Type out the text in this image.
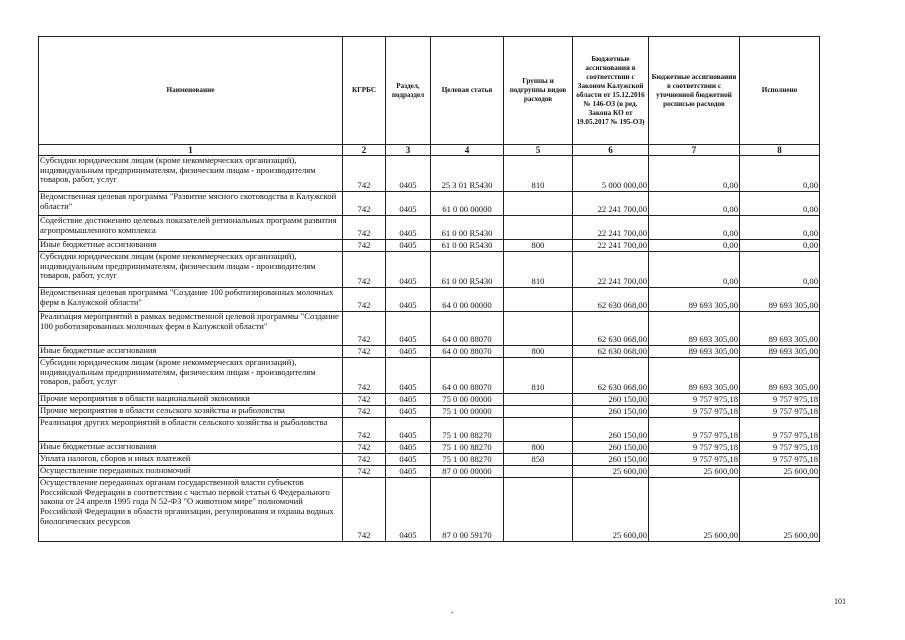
Наименование	КГРБС	Раздел, подраздел	Целевая статья	Группы и подгруппы видов расходов	Бюджетные ассигнования в соответствии с Законом Калужской области от 15.12.2016 № 146-ОЗ (в ред. Закона КО от 19.05.2017 № 195-ОЗ)	Бюджетные ассигнования в соответствии с уточненной бюджетной росписью расходов	Исполнено
1	2	3	4	5	6	7	8
Субсидии юридическим лицам (кроме некоммерческих организаций), индивидуальным предпринимателям, физическим лицам - производителям товаров, работ, услуг	742	0405	25 3 01 R5430	810	5 000 000,00	0,00	0,00
Ведомственная целевая программа "Развитие мясного скотоводства в Калужской области"	742	0405	61 0 00 00000		22 241 700,00	0,00	0,00
Содействие достижению целевых показателей региональных программ развития агропромышленного комплекса	742	0405	61 0 00 R5430		22 241 700,00	0,00	0,00
Иные бюджетные ассигнования	742	0405	61 0 00 R5430	800	22 241 700,00	0,00	0,00
Субсидии юридическим лицам (кроме некоммерческих организаций), индивидуальным предпринимателям, физическим лицам - производителям товаров, работ, услуг	742	0405	61 0 00 R5430	810	22 241 700,00	0,00	0,00
Ведомственная целевая программа "Создание 100 роботизированных молочных ферм в Калужской области"	742	0405	64 0 00 00000		62 630 068,00	89 693 305,00	89 693 305,00
Реализация мероприятий в рамках ведомственной целевой программы "Создание 100 роботизированных молочных ферм в Калужской области"	742	0405	64 0 00 88070		62 630 068,00	89 693 305,00	89 693 305,00
Иные бюджетные ассигнования	742	0405	64 0 00 88070	800	62 630 068,00	89 693 305,00	89 693 305,00
Субсидии юридическим лицам (кроме некоммерческих организаций), индивидуальным предпринимателям, физическим лицам - производителям товаров, работ, услуг	742	0405	64 0 00 88070	810	62 630 068,00	89 693 305,00	89 693 305,00
Прочие мероприятия в области национальной экономики	742	0405	75 0 00 00000		260 150,00	9 757 975,18	9 757 975,18
Прочие мероприятия в области сельского хозяйства и рыболовства	742	0405	75 1 00 00000		260 150,00	9 757 975,18	9 757 975,18
Реализация других мероприятий в области сельского хозяйства и рыболовства	742	0405	75 1 00 88270		260 150,00	9 757 975,18	9 757 975,18
Иные бюджетные ассигнования	742	0405	75 1 00 88270	800	260 150,00	9 757 975,18	9 757 975,18
Уплата налогов, сборов и иных платежей	742	0405	75 1 00 88270	850	260 150,00	9 757 975,18	9 757 975,18
Осуществление переданных полномочий	742	0405	87 0 00 00000		25 600,00	25 600,00	25 600,00
Осуществление переданных органам государственной власти субъектов Российской Федерации в соответствии с частью первой статьи 6 Федерального закона от 24 апреля 1995 года N 52-ФЗ "О животном мире" полномочий Российской Федерации в области организации, регулирования и охраны водных биологических ресурсов	742	0405	87 0 00 59170		25 600,00	25 600,00	25 600,00
.
101
